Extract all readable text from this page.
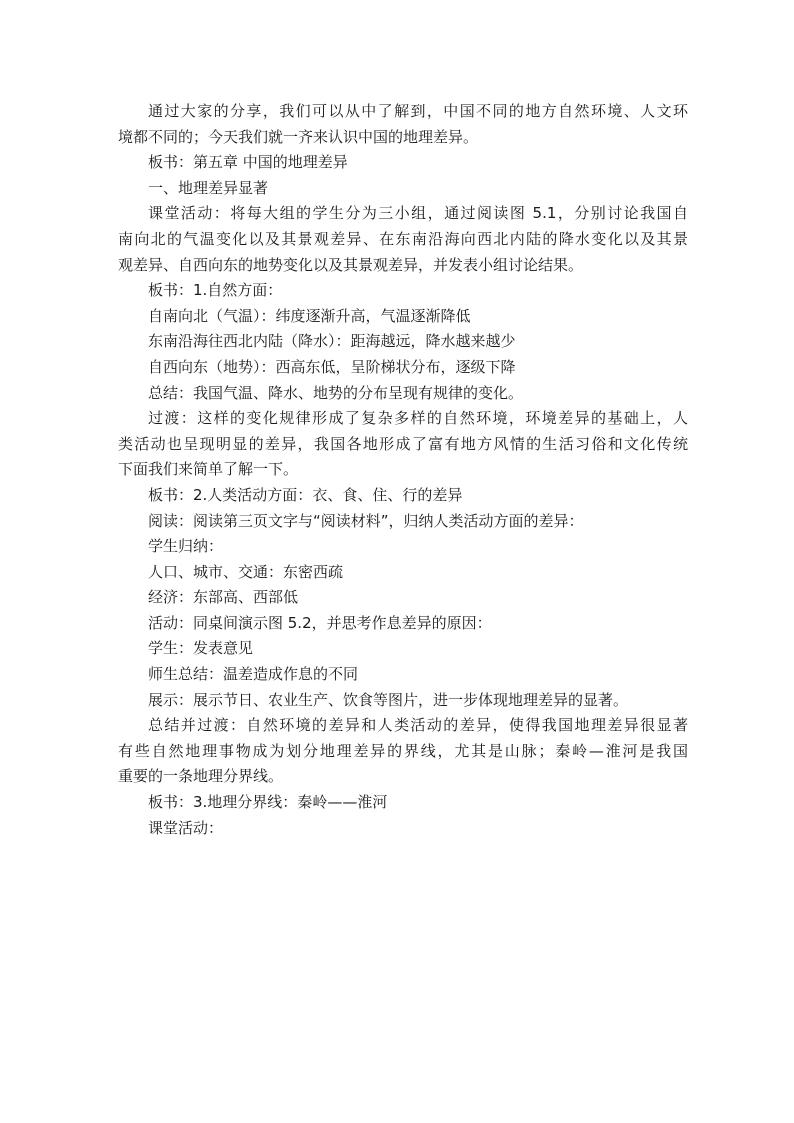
通过大家的分享，我们可以从中了解到，中国不同的地方自然环境、人文环

境都不同的；今天我们就一齐来认识中国的地理差异。

板书：第五章 中国的地理差异

一、地理差异显著

课堂活动：将每大组的学生分为三小组，通过阅读图 5.1，分别讨论我国自

南向北的气温变化以及其景观差异、在东南沿海向西北内陆的降水变化以及其景

观差异、自西向东的地势变化以及其景观差异，并发表小组讨论结果。

板书：1.自然方面：

自南向北（气温）：纬度逐渐升高，气温逐渐降低

东南沿海往西北内陆（降水）：距海越远，降水越来越少

自西向东（地势）：西高东低，呈阶梯状分布，逐级下降

总结：我国气温、降水、地势的分布呈现有规律的变化。

过渡：这样的变化规律形成了复杂多样的自然环境，环境差异的基础上，人

类活动也呈现明显的差异，我国各地形成了富有地方风情的生活习俗和文化传统

下面我们来简单了解一下。

板书：2.人类活动方面：衣、食、住、行的差异

阅读：阅读第三页文字与“阅读材料”，归纳人类活动方面的差异：

学生归纳：

人口、城市、交通：东密西疏

经济：东部高、西部低

活动：同桌间演示图 5.2，并思考作息差异的原因：

学生：发表意见

师生总结：温差造成作息的不同

展示：展示节日、农业生产、饮食等图片，进一步体现地理差异的显著。

总结并过渡：自然环境的差异和人类活动的差异，使得我国地理差异很显著

有些自然地理事物成为划分地理差异的界线，尤其是山脉；秦岭—淮河是我国

重要的一条地理分界线。

板书：3.地理分界线：秦岭——淮河

课堂活动：
